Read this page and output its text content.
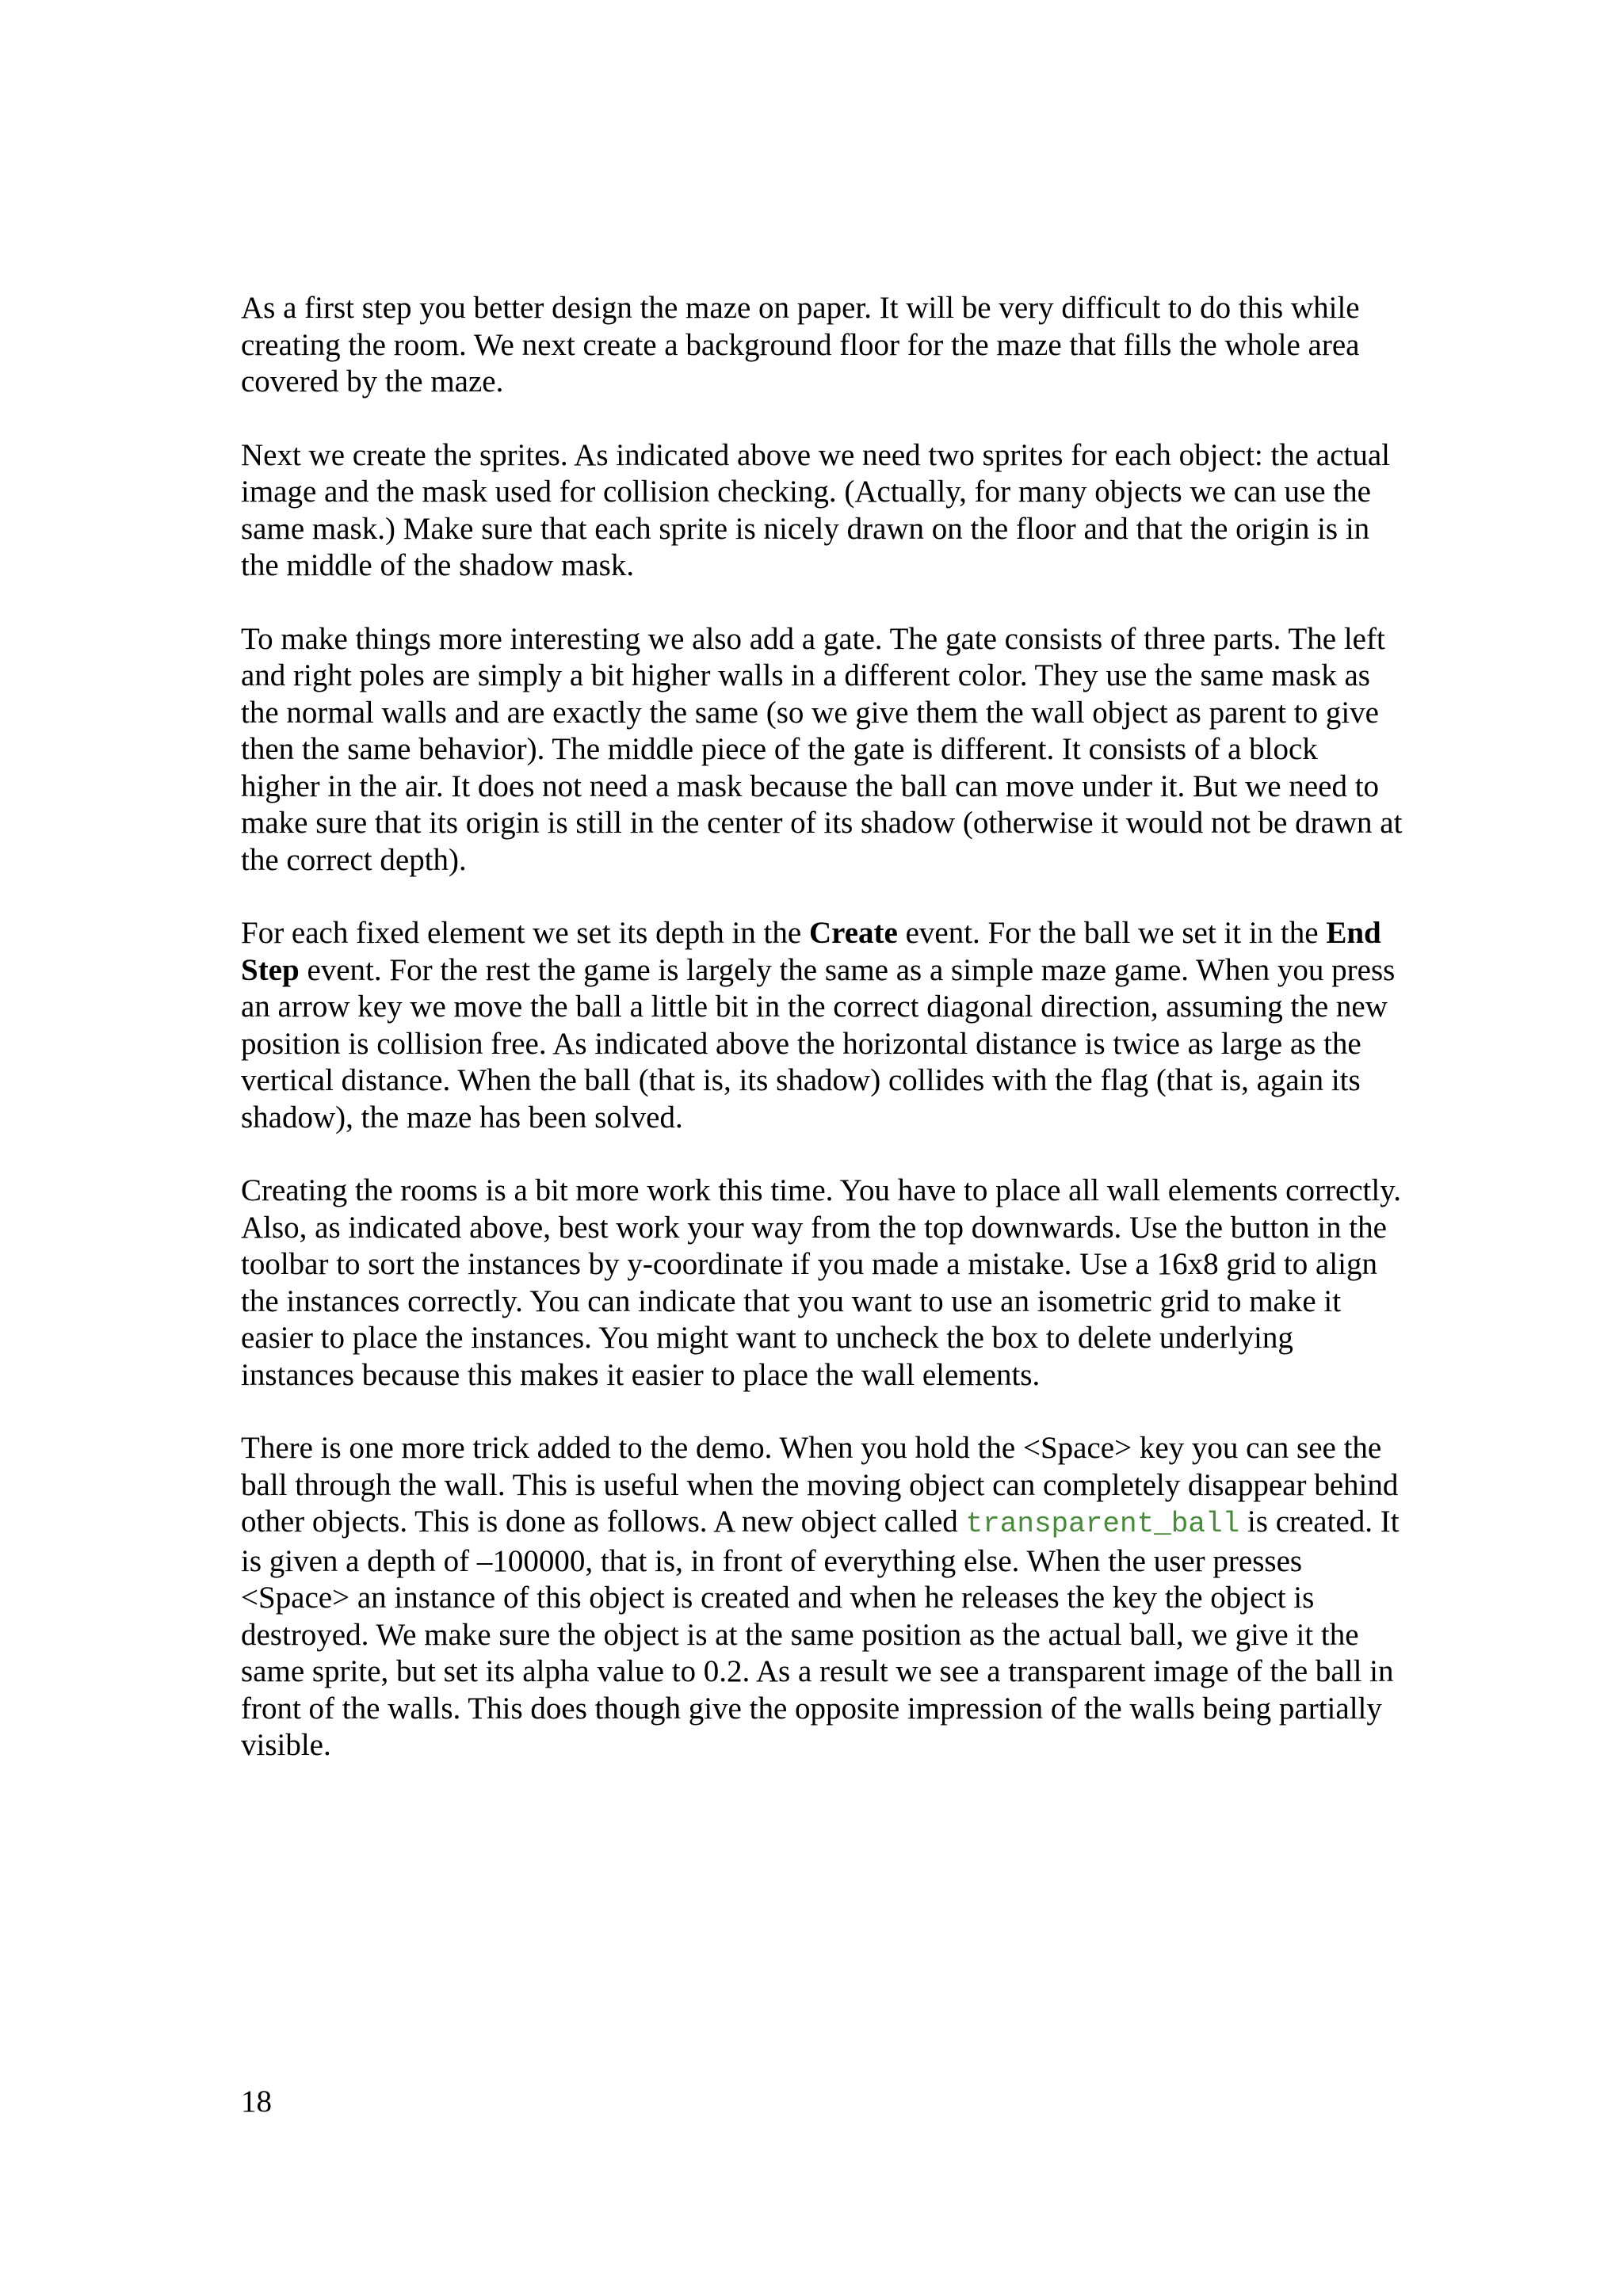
As a first step you better design the maze on paper. It will be very difficult to do this while creating the room. We next create a background floor for the maze that fills the whole area covered by the maze.

Next we create the sprites. As indicated above we need two sprites for each object: the actual image and the mask used for collision checking. (Actually, for many objects we can use the same mask.) Make sure that each sprite is nicely drawn on the floor and that the origin is in the middle of the shadow mask.

To make things more interesting we also add a gate. The gate consists of three parts. The left and right poles are simply a bit higher walls in a different color. They use the same mask as the normal walls and are exactly the same (so we give them the wall object as parent to give then the same behavior). The middle piece of the gate is different. It consists of a block higher in the air. It does not need a mask because the ball can move under it. But we need to make sure that its origin is still in the center of its shadow (otherwise it would not be drawn at the correct depth).

For each fixed element we set its depth in the Create event. For the ball we set it in the End Step event. For the rest the game is largely the same as a simple maze game. When you press an arrow key we move the ball a little bit in the correct diagonal direction, assuming the new position is collision free. As indicated above the horizontal distance is twice as large as the vertical distance. When the ball (that is, its shadow) collides with the flag (that is, again its shadow), the maze has been solved.

Creating the rooms is a bit more work this time. You have to place all wall elements correctly. Also, as indicated above, best work your way from the top downwards. Use the button in the toolbar to sort the instances by y-coordinate if you made a mistake. Use a 16x8 grid to align the instances correctly. You can indicate that you want to use an isometric grid to make it easier to place the instances. You might want to uncheck the box to delete underlying instances because this makes it easier to place the wall elements.

There is one more trick added to the demo. When you hold the <Space> key you can see the ball through the wall. This is useful when the moving object can completely disappear behind other objects. This is done as follows. A new object called transparent_ball is created. It is given a depth of –100000, that is, in front of everything else. When the user presses <Space> an instance of this object is created and when he releases the key the object is destroyed. We make sure the object is at the same position as the actual ball, we give it the same sprite, but set its alpha value to 0.2. As a result we see a transparent image of the ball in front of the walls. This does though give the opposite impression of the walls being partially visible.

18
